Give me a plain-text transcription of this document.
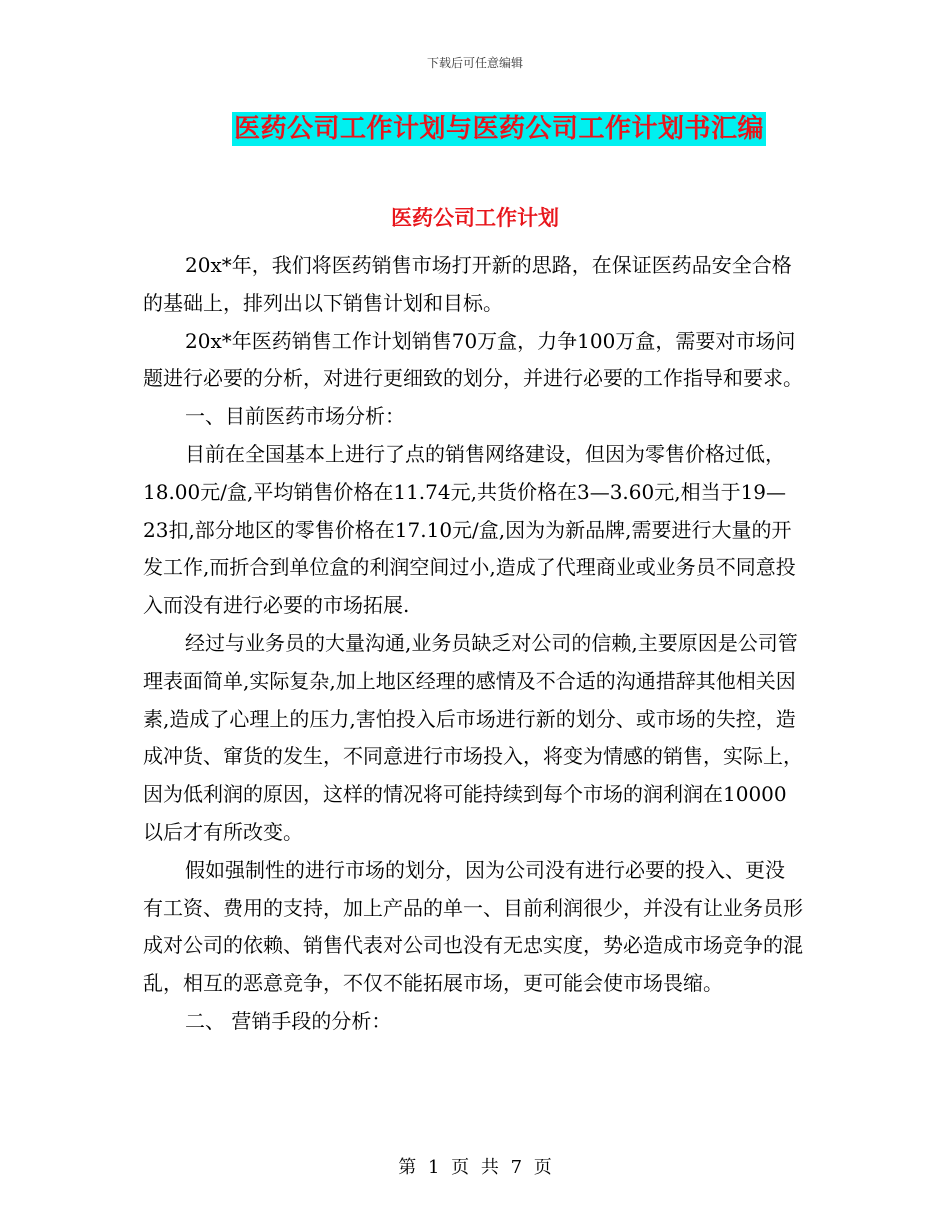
下载后可任意编辑
医药公司工作计划与医药公司工作计划书汇编
医药公司工作计划

20x*年，我们将医药销售市场打开新的思路，在保证医药品安全合格的基础上，排列出以下销售计划和目标。

20x*年医药销售工作计划销售70万盒，力争100万盒，需要对市场问题进行必要的分析，对进行更细致的划分，并进行必要的工作指导和要求。

一、目前医药市场分析：

目前在全国基本上进行了点的销售网络建设，但因为零售价格过低，18.00元/盒,平均销售价格在11.74元,共货价格在3—3.60元,相当于19—23扣,部分地区的零售价格在17.10元/盒,因为为新品牌,需要进行大量的开发工作,而折合到单位盒的利润空间过小,造成了代理商业或业务员不同意投入而没有进行必要的市场拓展.

经过与业务员的大量沟通,业务员缺乏对公司的信赖,主要原因是公司管理表面简单,实际复杂,加上地区经理的感情及不合适的沟通措辞其他相关因素,造成了心理上的压力,害怕投入后市场进行新的划分、或市场的失控，造成冲货、窜货的发生，不同意进行市场投入，将变为情感的销售，实际上，因为低利润的原因，这样的情况将可能持续到每个市场的润利润在10000以后才有所改变。

假如强制性的进行市场的划分，因为公司没有进行必要的投入、更没有工资、费用的支持，加上产品的单一、目前利润很少，并没有让业务员形成对公司的依赖、销售代表对公司也没有无忠实度，势必造成市场竞争的混乱，相互的恶意竞争，不仅不能拓展市场，更可能会使市场畏缩。

二、 营销手段的分析：

第 1 页 共 7 页
